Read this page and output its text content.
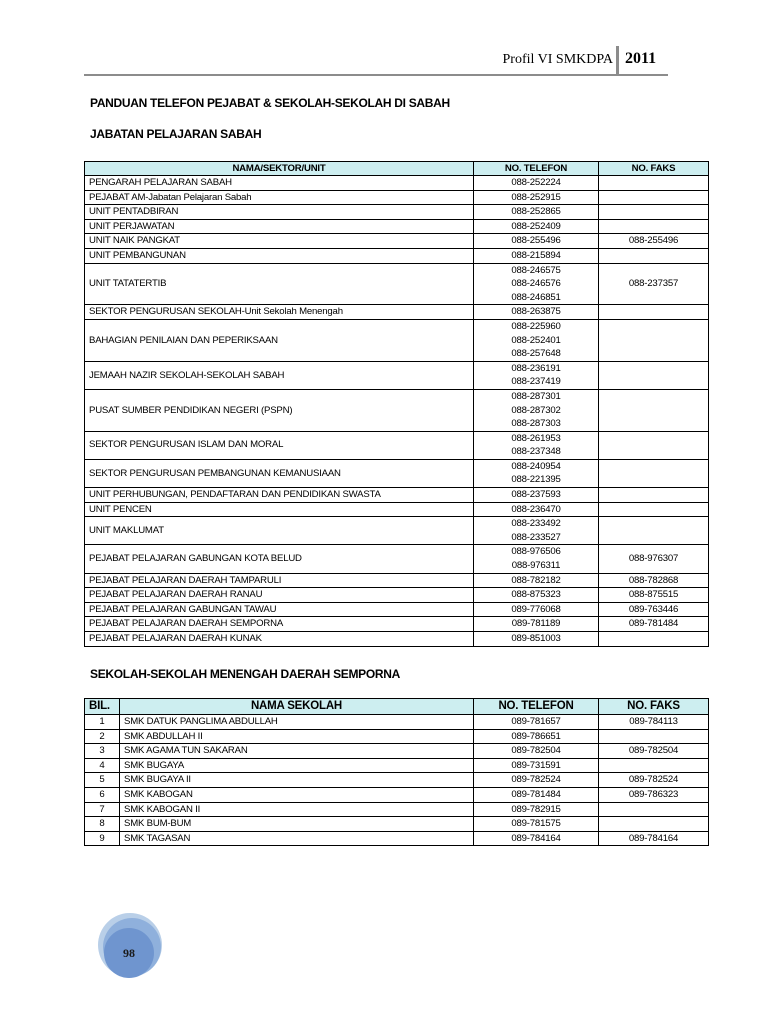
Profil VI SMKDPA 2011
PANDUAN TELEFON PEJABAT & SEKOLAH-SEKOLAH DI SABAH
JABATAN PELAJARAN SABAH
NAMA/SEKTOR/UNIT	NO. TELEFON	NO. FAKS
PENGARAH PELAJARAN SABAH	088-252224	

PEJABAT AM-Jabatan Pelajaran Sabah	088-252915	

UNIT PENTADBIRAN	088-252865	

UNIT PERJAWATAN	088-252409	

UNIT NAIK PANGKAT	088-255496	088-255496
UNIT PEMBANGUNAN	088-215894	

UNIT TATATERTIB	088-246575
088-246576
088-246851	088-237357
SEKTOR PENGURUSAN SEKOLAH-Unit Sekolah Menengah	088-263875	

BAHAGIAN PENILAIAN DAN PEPERIKSAAN	088-225960
088-252401
088-257648	

JEMAAH NAZIR SEKOLAH-SEKOLAH SABAH	088-236191
088-237419	

PUSAT SUMBER PENDIDIKAN NEGERI (PSPN)	088-287301
088-287302
088-287303	

SEKTOR PENGURUSAN ISLAM DAN MORAL	088-261953
088-237348	

SEKTOR PENGURUSAN PEMBANGUNAN KEMANUSIAAN	088-240954
088-221395	

UNIT PERHUBUNGAN, PENDAFTARAN DAN PENDIDIKAN SWASTA	088-237593	

UNIT PENCEN	088-236470	

UNIT MAKLUMAT	088-233492
088-233527	

PEJABAT PELAJARAN GABUNGAN KOTA BELUD	088-976506
088-976311	088-976307
PEJABAT PELAJARAN DAERAH TAMPARULI	088-782182	088-782868
PEJABAT PELAJARAN DAERAH RANAU	088-875323	088-875515
PEJABAT PELAJARAN GABUNGAN TAWAU	089-776068	089-763446
PEJABAT PELAJARAN DAERAH SEMPORNA	089-781189	089-781484
PEJABAT PELAJARAN DAERAH KUNAK	089-851003	

SEKOLAH-SEKOLAH MENENGAH DAERAH SEMPORNA
BIL.	NAMA SEKOLAH	NO. TELEFON	NO. FAKS
1	SMK DATUK PANGLIMA ABDULLAH	089-781657	089-784113
2	SMK ABDULLAH II	089-786651	
3	SMK AGAMA TUN SAKARAN	089-782504	089-782504
4	SMK BUGAYA	089-731591	
5	SMK BUGAYA II	089-782524	089-782524
6	SMK KABOGAN	089-781484	089-786323
7	SMK KABOGAN II	089-782915	
8	SMK BUM-BUM	089-781575	
9	SMK TAGASAN	089-784164	089-784164
98
